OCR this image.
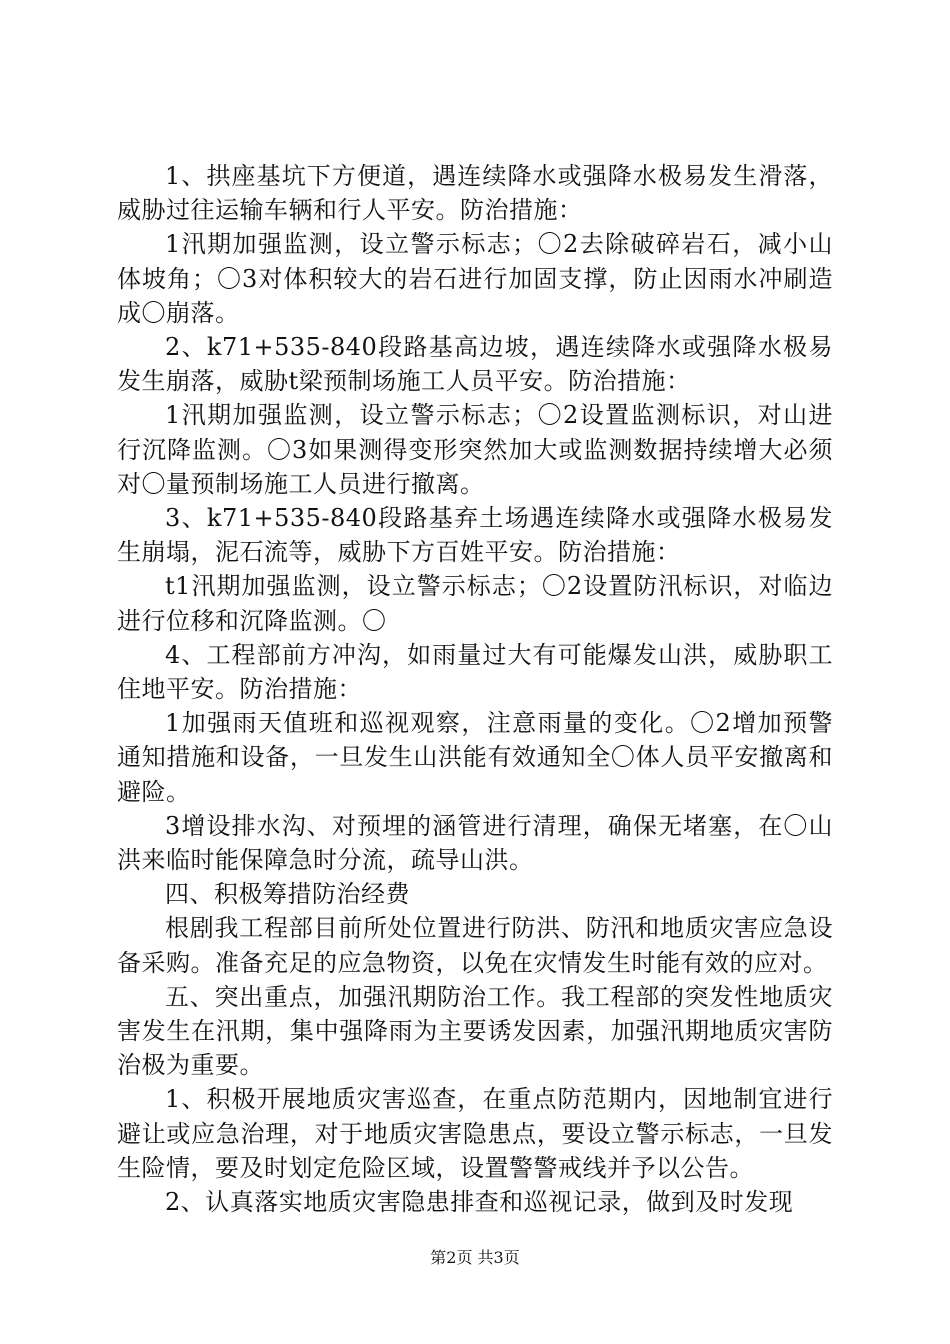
1、拱座基坑下方便道，遇连续降水或强降水极易发生滑落，威胁过往运输车辆和行人平安。防治措施：

1汛期加强监测，设立警示标志；〇2去除破碎岩石，减小山体坡角；〇3对体积较大的岩石进行加固支撑，防止因雨水冲刷造成〇崩落。

2、k71+535-840段路基高边坡，遇连续降水或强降水极易发生崩落，威胁t梁预制场施工人员平安。防治措施：

1汛期加强监测，设立警示标志；〇2设置监测标识，对山进行沉降监测。〇3如果测得变形突然加大或监测数据持续增大必须对〇量预制场施工人员进行撤离。

3、k71+535-840段路基弃土场遇连续降水或强降水极易发生崩塌，泥石流等，威胁下方百姓平安。防治措施：

t1汛期加强监测，设立警示标志；〇2设置防汛标识，对临边进行位移和沉降监测。〇

4、工程部前方冲沟，如雨量过大有可能爆发山洪，威胁职工住地平安。防治措施：

1加强雨天值班和巡视观察，注意雨量的变化。〇2增加预警通知措施和设备，一旦发生山洪能有效通知全〇体人员平安撤离和避险。

3增设排水沟、对预埋的涵管进行清理，确保无堵塞，在〇山洪来临时能保障急时分流，疏导山洪。

四、积极筹措防治经费

根剧我工程部目前所处位置进行防洪、防汛和地质灾害应急设备采购。准备充足的应急物资，以免在灾情发生时能有效的应对。

五、突出重点，加强汛期防治工作。我工程部的突发性地质灾害发生在汛期，集中强降雨为主要诱发因素，加强汛期地质灾害防治极为重要。

1、积极开展地质灾害巡查，在重点防范期内，因地制宜进行避让或应急治理，对于地质灾害隐患点，要设立警示标志，一旦发生险情，要及时划定危险区域，设置警警戒线并予以公告。

2、认真落实地质灾害隐患排查和巡视记录，做到及时发现

第2页 共3页
